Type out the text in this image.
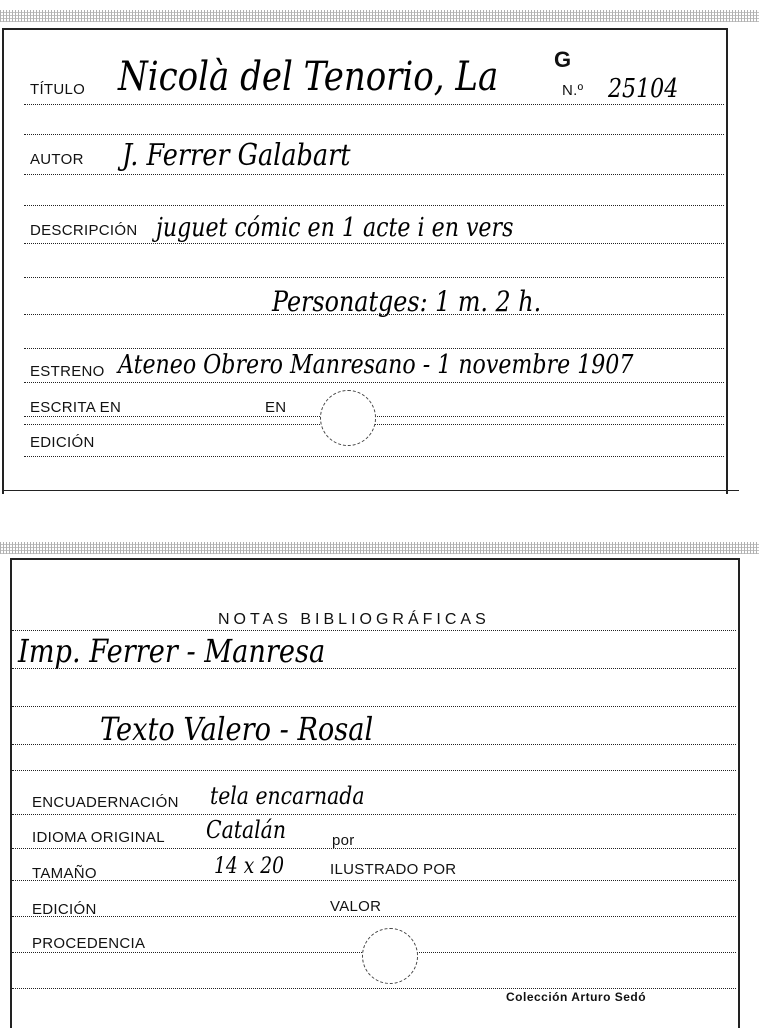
G
TÍTULO Nicolà del Tenorio, La	N.º 25104
AUTOR J. Ferrer Galabart
DESCRIPCIÓN juguet cómic en 1 acte i en vers
Personatges: 1 m. 2 h.
ESTRENO Ateneo Obrero Manresano - 1 novembre 1907
ESCRITA EN	EN
EDICIÓN
NOTAS BIBLIOGRÁFICAS
Imp. Ferrer - Manresa
Texto Valero - Rosal
ENCUADERNACIÓN tela encarnada
IDIOMA ORIGINAL Catalán	por
TAMAÑO	14 x 20	ILUSTRADO POR
EDICIÓN	VALOR
PROCEDENCIA
Colección Arturo Sedó
